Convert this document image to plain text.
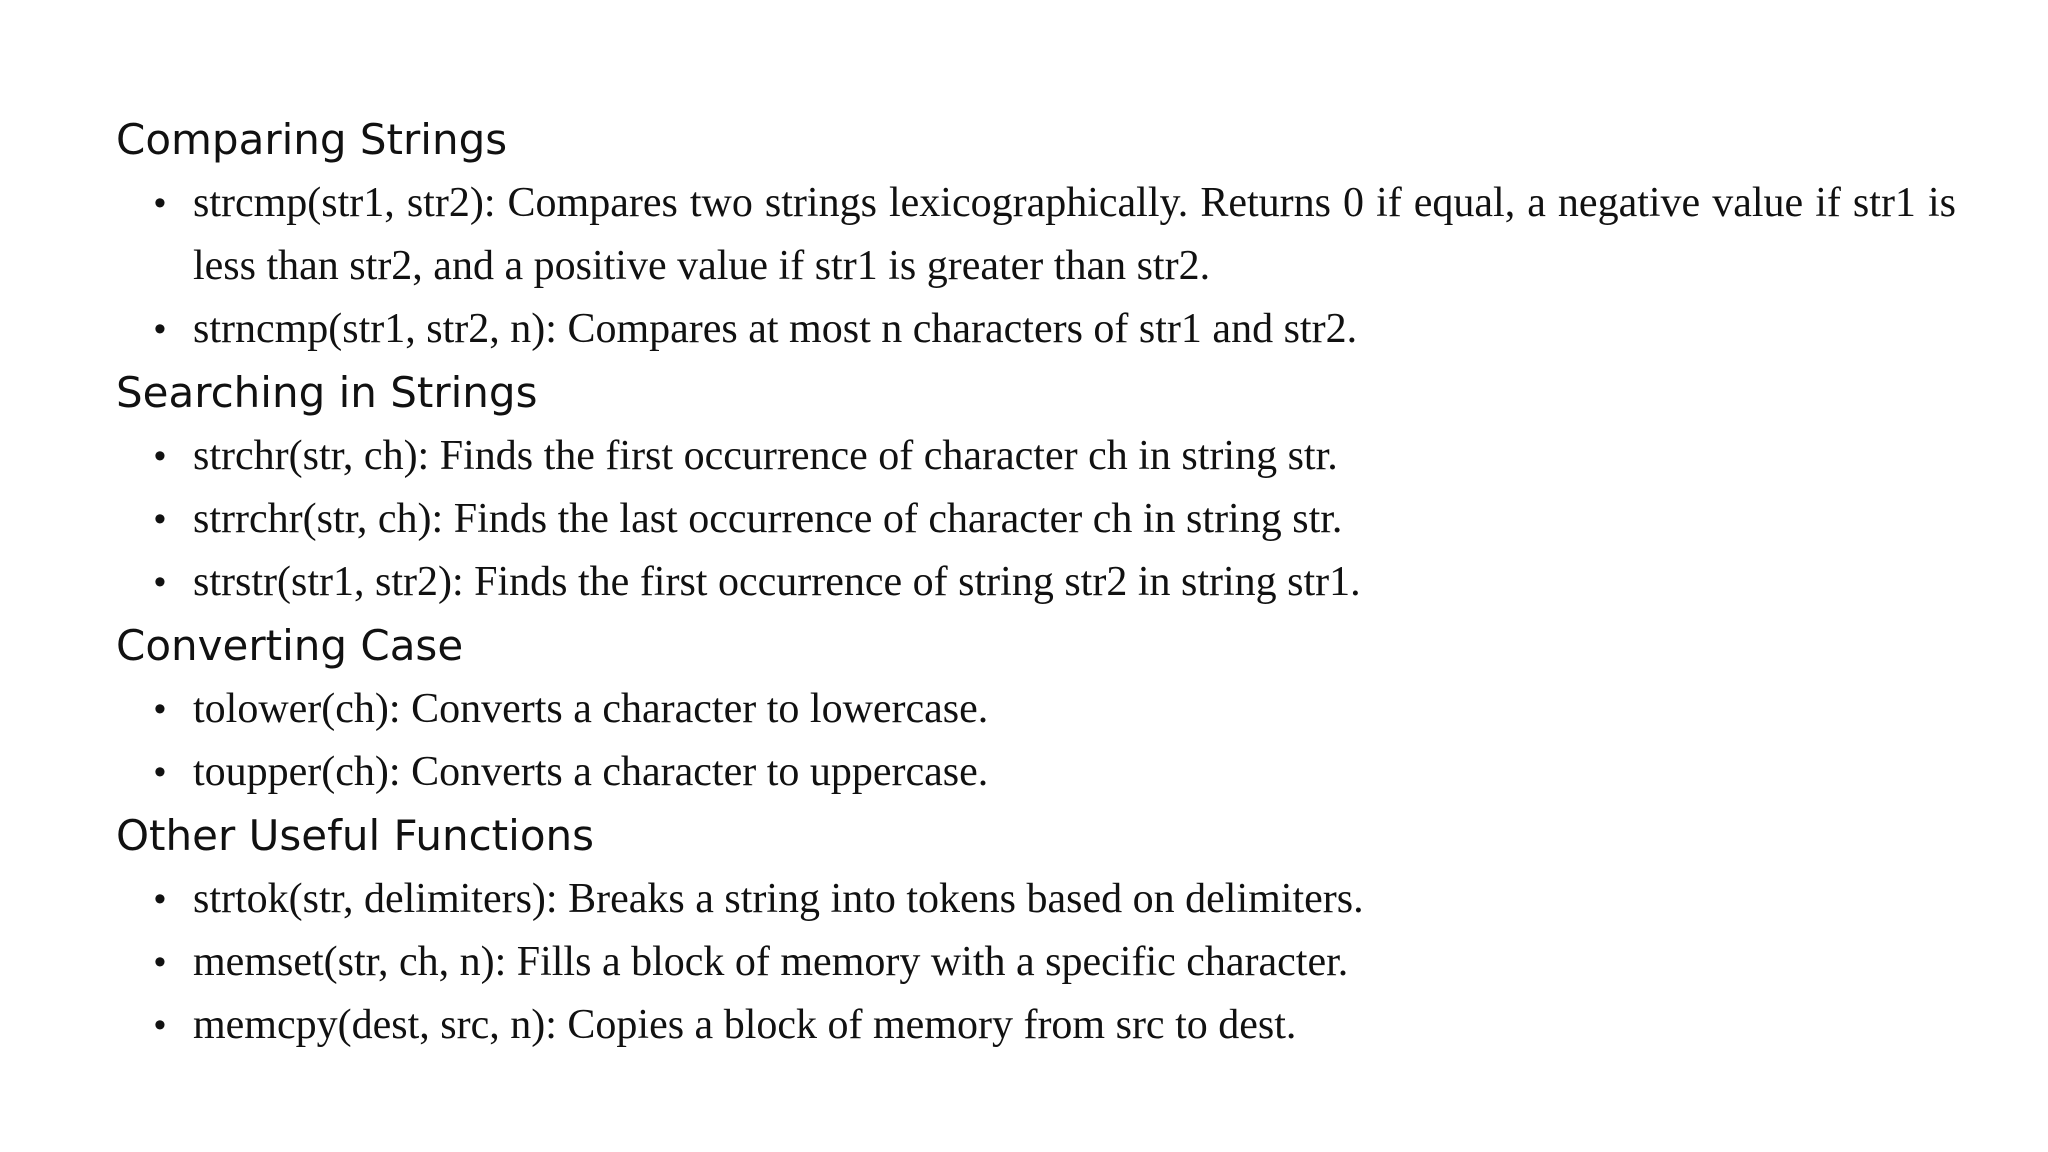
Comparing Strings
• strcmp(str1, str2): Compares two strings lexicographically. Returns 0 if equal, a negative value if str1 is less than str2, and a positive value if str1 is greater than str2.
• strncmp(str1, str2, n): Compares at most n characters of str1 and str2.
Searching in Strings
• strchr(str, ch): Finds the first occurrence of character ch in string str.
• strrchr(str, ch): Finds the last occurrence of character ch in string str.
• strstr(str1, str2): Finds the first occurrence of string str2 in string str1.
Converting Case
• tolower(ch): Converts a character to lowercase.
• toupper(ch): Converts a character to uppercase.
Other Useful Functions
• strtok(str, delimiters): Breaks a string into tokens based on delimiters.
• memset(str, ch, n): Fills a block of memory with a specific character.
• memcpy(dest, src, n): Copies a block of memory from src to dest.
